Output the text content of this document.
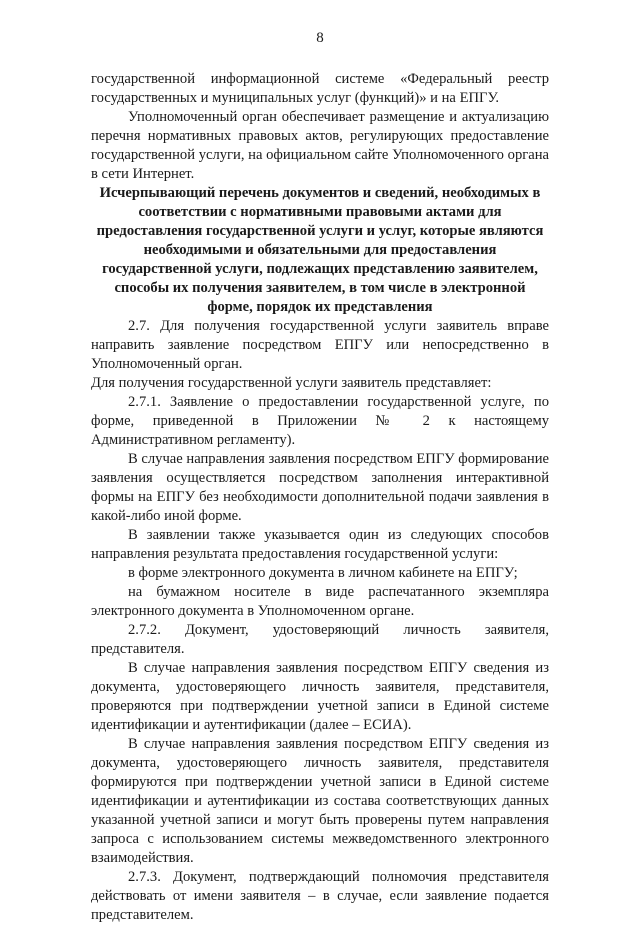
8

государственной информационной системе «Федеральный реестр государственных и муниципальных услуг (функций)» и на ЕПГУ.

Уполномоченный орган обеспечивает размещение и актуализацию перечня нормативных правовых актов, регулирующих предоставление государственной услуги, на официальном сайте Уполномоченного органа в сети Интернет.

Исчерпывающий перечень документов и сведений, необходимых в соответствии с нормативными правовыми актами для предоставления государственной услуги и услуг, которые являются необходимыми и обязательными для предоставления государственной услуги, подлежащих представлению заявителем, способы их получения заявителем, в том числе в электронной форме, порядок их представления

2.7. Для получения государственной услуги заявитель вправе направить заявление посредством ЕПГУ или непосредственно в Уполномоченный орган.

Для получения государственной услуги заявитель представляет:

2.7.1. Заявление о предоставлении государственной услуге, по форме, приведенной в Приложении № 2 к настоящему Административном регламенту).

В случае направления заявления посредством ЕПГУ формирование заявления осуществляется посредством заполнения интерактивной формы на ЕПГУ без необходимости дополнительной подачи заявления в какой-либо иной форме.

В заявлении также указывается один из следующих способов направления результата предоставления государственной услуги:

в форме электронного документа в личном кабинете на ЕПГУ;

на бумажном носителе в виде распечатанного экземпляра электронного документа в Уполномоченном органе.

2.7.2. Документ, удостоверяющий личность заявителя, представителя.

В случае направления заявления посредством ЕПГУ сведения из документа, удостоверяющего личность заявителя, представителя, проверяются при подтверждении учетной записи в Единой системе идентификации и аутентификации (далее – ЕСИА).

В случае направления заявления посредством ЕПГУ сведения из документа, удостоверяющего личность заявителя, представителя формируются при подтверждении учетной записи в Единой системе идентификации и аутентификации из состава соответствующих данных указанной учетной записи и могут быть проверены путем направления запроса с использованием системы межведомственного электронного взаимодействия.

2.7.3. Документ, подтверждающий полномочия представителя действовать от имени заявителя – в случае, если заявление подается представителем.
